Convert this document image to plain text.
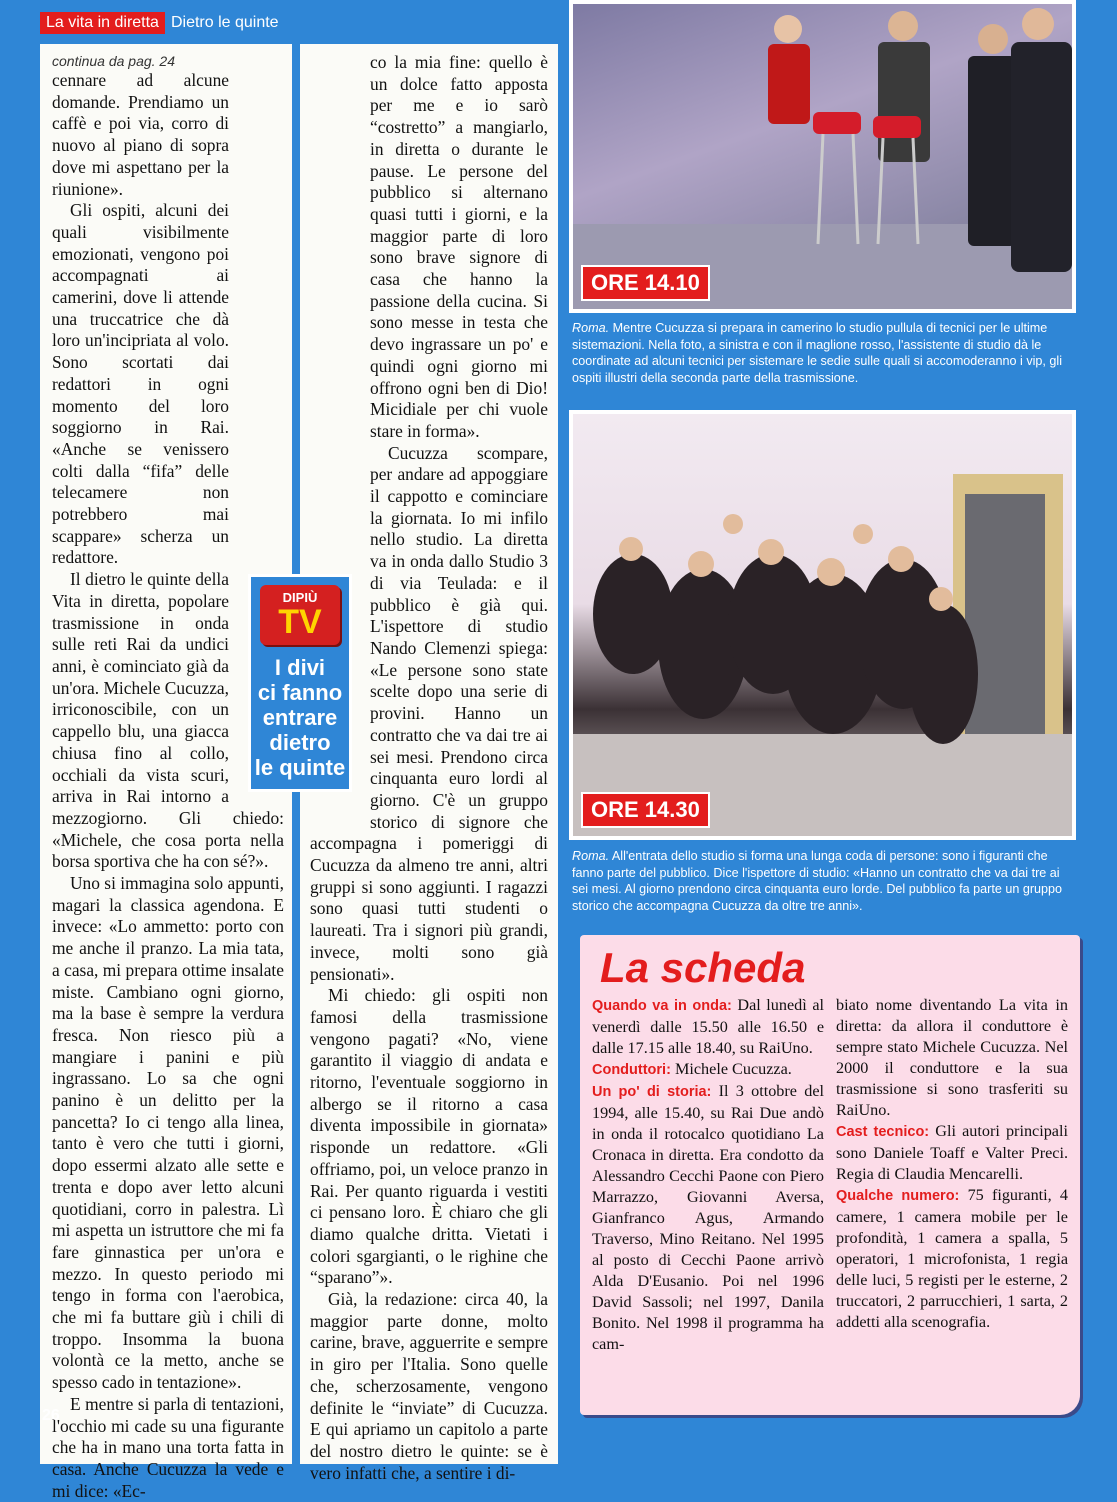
La vita in diretta Dietro le quinte

continua da pag. 24

cennare ad alcune domande. Prendiamo un caffè e poi via, corro di nuovo al piano di sopra dove mi aspettano per la riunione».

Gli ospiti, alcuni dei quali visibilmente emozionati, vengono poi accompagnati ai camerini, dove li attende una truccatrice che dà loro un'incipriata al volo. Sono scortati dai redattori in ogni momento del loro soggiorno in Rai. «Anche se venissero colti dalla “fifa” delle telecamere non potrebbero mai scappare» scherza un redattore.

Il dietro le quinte della Vita in diretta, popolare trasmissione in onda sulle reti Rai da undici anni, è cominciato già da un'ora. Michele Cucuzza, irriconoscibile, con un cappello blu, una giacca chiusa fino al collo, occhiali da vista scuri, arriva in Rai intorno a mezzogiorno. Gli chiedo: «Michele, che cosa porta nella borsa sportiva che ha con sé?».

Uno si immagina solo appunti, magari la classica agendona. E invece: «Lo ammetto: porto con me anche il pranzo. La mia tata, a casa, mi prepara ottime insalate miste. Cambiano ogni giorno, ma la base è sempre la verdura fresca. Non riesco più a mangiare i panini e più ingrassano. Lo sa che ogni panino è un delitto per la pancetta? Io ci tengo alla linea, tanto è vero che tutti i giorni, dopo essermi alzato alle sette e trenta e dopo aver letto alcuni quotidiani, corro in palestra. Lì mi aspetta un istruttore che mi fa fare ginnastica per un'ora e mezzo. In questo periodo mi tengo in forma con l'aerobica, che mi fa buttare giù i chili di troppo. Insomma la buona volontà ce la metto, anche se spesso cado in tentazione».

E mentre si parla di tentazioni, l'occhio mi cade su una figurante che ha in mano una torta fatta in casa. Anche Cucuzza la vede e mi dice: «Ec-

co la mia fine: quello è un dolce fatto apposta per me e io sarò “costretto” a mangiarlo, in diretta o durante le pause. Le persone del pubblico si alternano quasi tutti i giorni, e la maggior parte di loro sono brave signore di casa che hanno la passione della cucina. Si sono messe in testa che devo ingrassare un po' e quindi ogni giorno mi offrono ogni ben di Dio! Micidiale per chi vuole stare in forma».

Cucuzza scompare, per andare ad appoggiare il cappotto e cominciare la giornata. Io mi infilo nello studio. La diretta va in onda dallo Studio 3 di via Teulada: e il pubblico è già qui. L'ispettore di studio Nando Clemenzi spiega: «Le persone sono state scelte dopo una serie di provini. Hanno un contratto che va dai tre ai sei mesi. Prendono circa cinquanta euro lordi al giorno. C'è un gruppo storico di signore che accompagna i pomeriggi di Cucuzza da almeno tre anni, altri gruppi si sono aggiunti. I ragazzi sono quasi tutti studenti o laureati. Tra i signori più grandi, invece, molti sono già pensionati».

Mi chiedo: gli ospiti non famosi della trasmissione vengono pagati? «No, viene garantito il viaggio di andata e ritorno, l'eventuale soggiorno in albergo se il ritorno a casa diventa impossibile in giornata» risponde un redattore. «Gli offriamo, poi, un veloce pranzo in Rai. Per quanto riguarda i vestiti ci pensano loro. È chiaro che gli diamo qualche dritta. Vietati i colori sgargianti, o le righine che “sparano”».

Già, la redazione: circa 40, la maggior parte donne, molto carine, brave, agguerrite e sempre in giro per l'Italia. Sono quelle che, scherzosamente, vengono definite le “inviate” di Cucuzza. E qui apriamo un capitolo a parte del nostro dietro le quinte: se è vero infatti che, a sentire i di-

DIPIÙ
TV
I divi
ci fanno
entrare
dietro
le quinte
ORE 14.10
Roma. Mentre Cucuzza si prepara in camerino lo studio pullula di tecnici per le ultime sistemazioni. Nella foto, a sinistra e con il maglione rosso, l'assistente di studio dà le coordinate ad alcuni tecnici per sistemare le sedie sulle quali si accomoderanno i vip, gli ospiti illustri della seconda parte della trasmissione.
ORE 14.30
Roma. All'entrata dello studio si forma una lunga coda di persone: sono i figuranti che fanno parte del pubblico. Dice l'ispettore di studio: «Hanno un contratto che va dai tre ai sei mesi. Al giorno prendono circa cinquanta euro lorde. Del pubblico fa parte un gruppo storico che accompagna Cucuzza da oltre tre anni».
La scheda

Quando va in onda: Dal lunedì al venerdì dalle 15.50 alle 16.50 e dalle 17.15 alle 18.40, su RaiUno.

Conduttori: Michele Cucuzza.

Un po' di storia: Il 3 ottobre del 1994, alle 15.40, su Rai Due andò in onda il rotocalco quotidiano La Cronaca in diretta. Era condotto da Alessandro Cecchi Paone con Piero Marrazzo, Giovanni Aversa, Gianfranco Agus, Armando Traverso, Mino Reitano. Nel 1995 al posto di Cecchi Paone arrivò Alda D'Eusanio. Poi nel 1996 David Sassoli; nel 1997, Danila Bonito. Nel 1998 il programma ha cam-

biato nome diventando La vita in diretta: da allora il conduttore è sempre stato Michele Cucuzza. Nel 2000 il conduttore e la sua trasmissione si sono trasferiti su RaiUno.

Cast tecnico: Gli autori principali sono Daniele Toaff e Valter Preci. Regia di Claudia Mencarelli.

Qualche numero: 75 figuranti, 4 camere, 1 camera mobile per le profondità, 1 camera a spalla, 5 operatori, 1 microfonista, 1 regia delle luci, 5 registi per le esterne, 2 truccatori, 2 parrucchieri, 1 sarta, 2 addetti alla scenografia.

26
